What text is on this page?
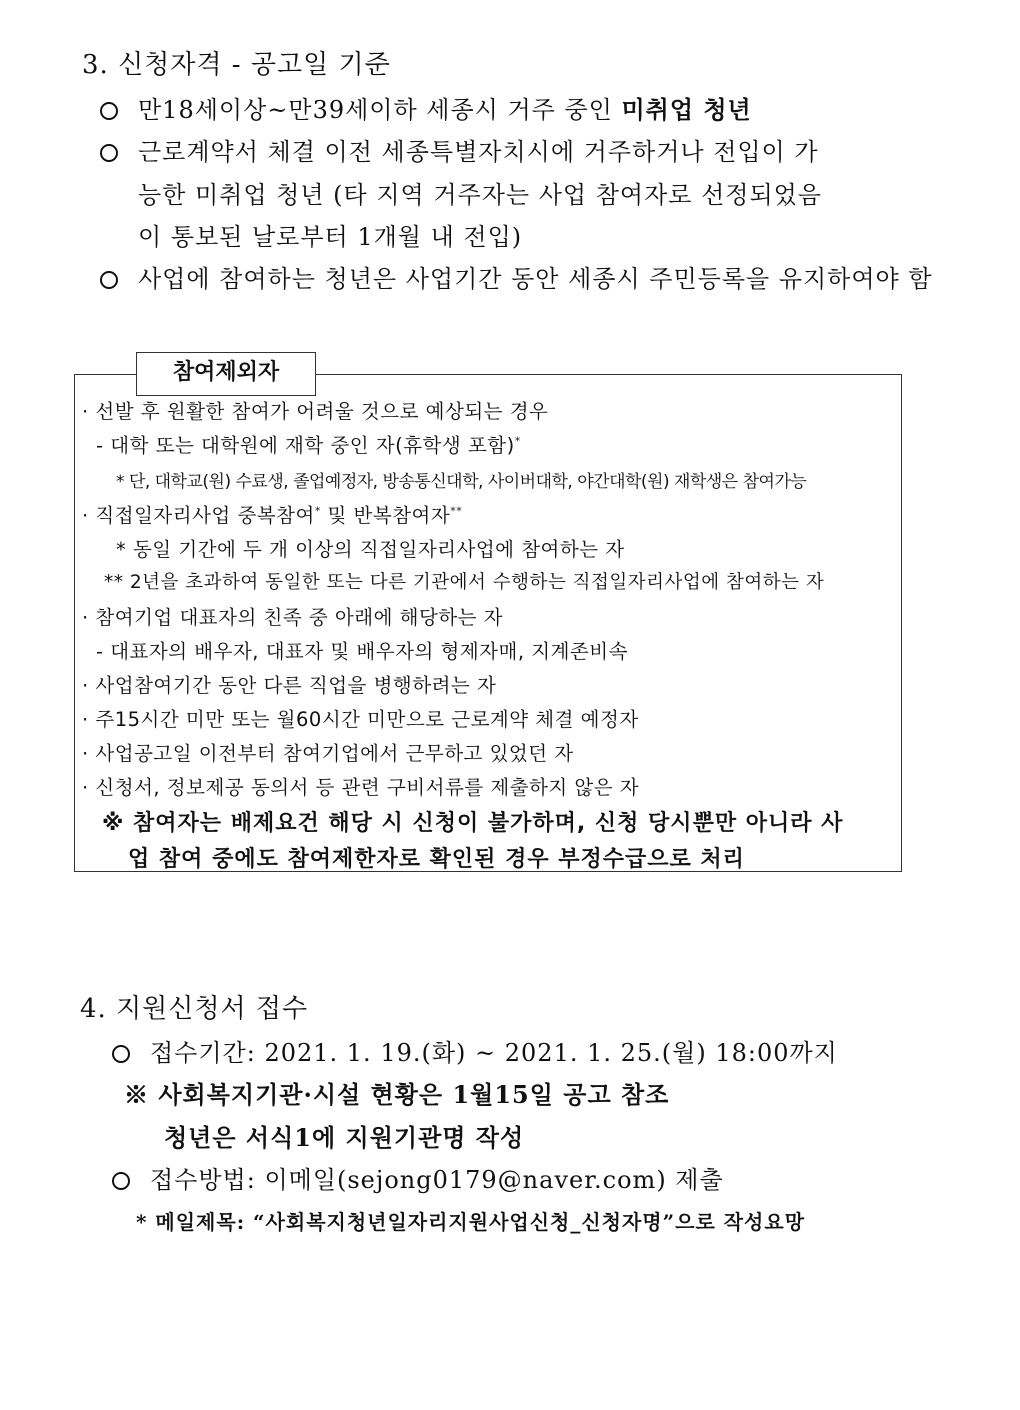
3. 신청자격 - 공고일 기준
만18세이상~만39세이하 세종시 거주 중인 미취업 청년
근로계약서 체결 이전 세종특별자치시에 거주하거나 전입이 가
능한 미취업 청년 (타 지역 거주자는 사업 참여자로 선정되었음
이 통보된 날로부터 1개월 내 전입)
사업에 참여하는 청년은 사업기간 동안 세종시 주민등록을 유지하여야 함
참여제외자
· 선발 후 원활한 참여가 어려울 것으로 예상되는 경우
- 대학 또는 대학원에 재학 중인 자(휴학생 포함)*
* 단, 대학교(원) 수료생, 졸업예정자, 방송통신대학, 사이버대학, 야간대학(원) 재학생은 참여가능
· 직접일자리사업 중복참여* 및 반복참여자**
* 동일 기간에 두 개 이상의 직접일자리사업에 참여하는 자
** 2년을 초과하여 동일한 또는 다른 기관에서 수행하는 직접일자리사업에 참여하는 자
· 참여기업 대표자의 친족 중 아래에 해당하는 자
- 대표자의 배우자, 대표자 및 배우자의 형제자매, 지계존비속
· 사업참여기간 동안 다른 직업을 병행하려는 자
· 주15시간 미만 또는 월60시간 미만으로 근로계약 체결 예정자
· 사업공고일 이전부터 참여기업에서 근무하고 있었던 자
· 신청서, 정보제공 동의서 등 관련 구비서류를 제출하지 않은 자
※ 참여자는 배제요건 해당 시 신청이 불가하며, 신청 당시뿐만 아니라 사
업 참여 중에도 참여제한자로 확인된 경우 부정수급으로 처리
4. 지원신청서 접수
접수기간: 2021. 1. 19.(화) ~ 2021. 1. 25.(월) 18:00까지
※ 사회복지기관·시설 현황은 1월15일 공고 참조
청년은 서식1에 지원기관명 작성
접수방법: 이메일(sejong0179@naver.com) 제출
* 메일제목: “사회복지청년일자리지원사업신청_신청자명”으로 작성요망
